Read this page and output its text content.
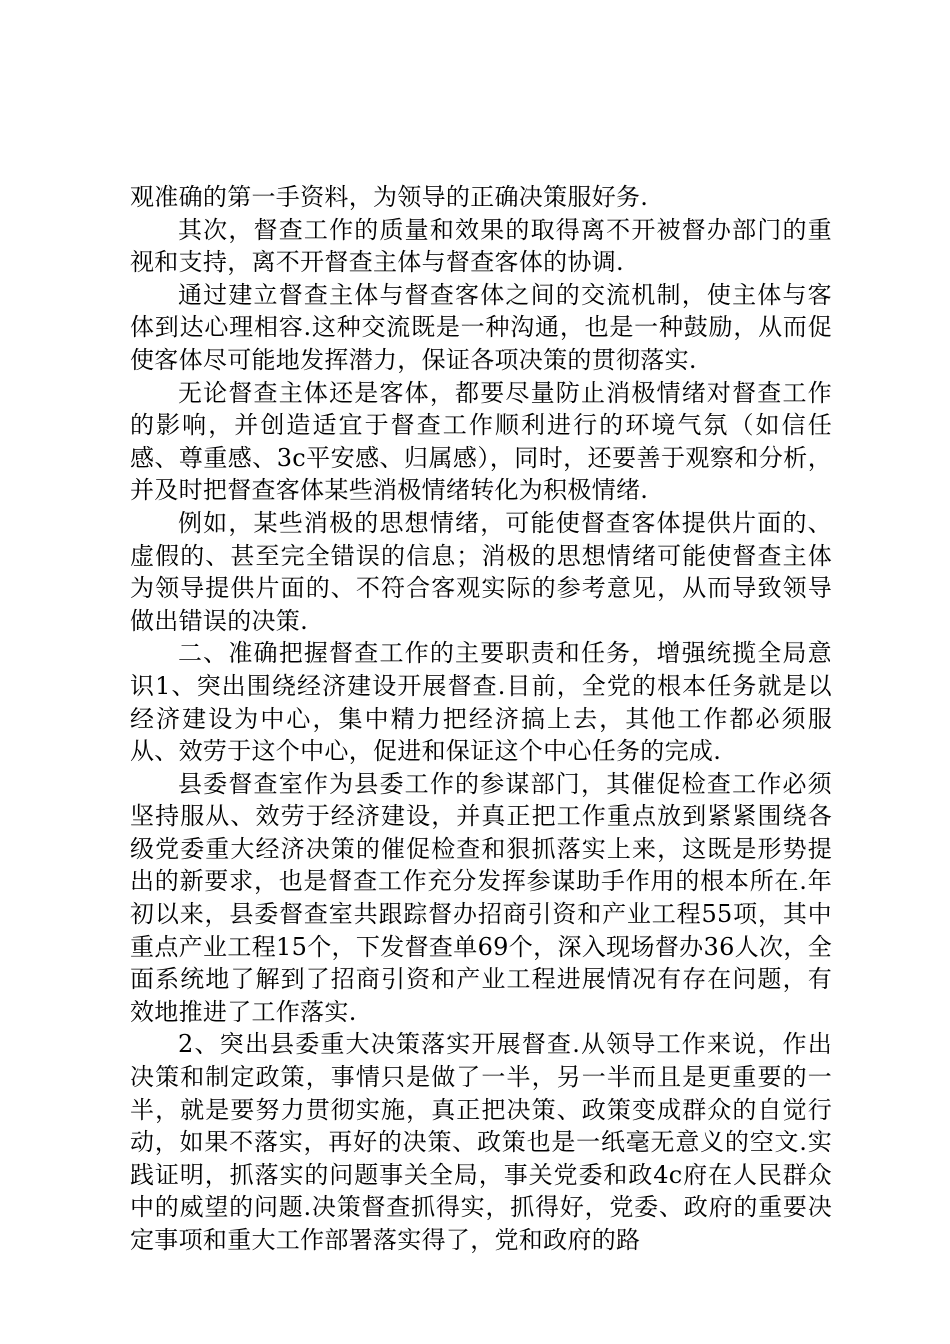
观准确的第一手资料，为领导的正确决策服好务.

其次，督查工作的质量和效果的取得离不开被督办部门的重视和支持，离不开督查主体与督查客体的协调.

通过建立督查主体与督查客体之间的交流机制，使主体与客体到达心理相容.这种交流既是一种沟通，也是一种鼓励，从而促使客体尽可能地发挥潜力，保证各项决策的贯彻落实.

无论督查主体还是客体，都要尽量防止消极情绪对督查工作的影响，并创造适宜于督查工作顺利进行的环境气氛（如信任感、尊重感、3c平安感、归属感），同时，还要善于观察和分析，并及时把督查客体某些消极情绪转化为积极情绪.

例如，某些消极的思想情绪，可能使督查客体提供片面的、虚假的、甚至完全错误的信息；消极的思想情绪可能使督查主体为领导提供片面的、不符合客观实际的参考意见，从而导致领导做出错误的决策.

二、准确把握督查工作的主要职责和任务，增强统揽全局意识1、突出围绕经济建设开展督查.目前，全党的根本任务就是以经济建设为中心，集中精力把经济搞上去，其他工作都必须服从、效劳于这个中心，促进和保证这个中心任务的完成.

县委督查室作为县委工作的参谋部门，其催促检查工作必须坚持服从、效劳于经济建设，并真正把工作重点放到紧紧围绕各级党委重大经济决策的催促检查和狠抓落实上来，这既是形势提出的新要求，也是督查工作充分发挥参谋助手作用的根本所在.年初以来，县委督查室共跟踪督办招商引资和产业工程55项，其中重点产业工程15个，下发督查单69个，深入现场督办36人次，全面系统地了解到了招商引资和产业工程进展情况有存在问题，有效地推进了工作落实.

2、突出县委重大决策落实开展督查.从领导工作来说，作出决策和制定政策，事情只是做了一半，另一半而且是更重要的一半，就是要努力贯彻实施，真正把决策、政策变成群众的自觉行动，如果不落实，再好的决策、政策也是一纸毫无意义的空文.实践证明，抓落实的问题事关全局，事关党委和政4c府在人民群众中的威望的问题.决策督查抓得实，抓得好，党委、政府的重要决定事项和重大工作部署落实得了，党和政府的路
